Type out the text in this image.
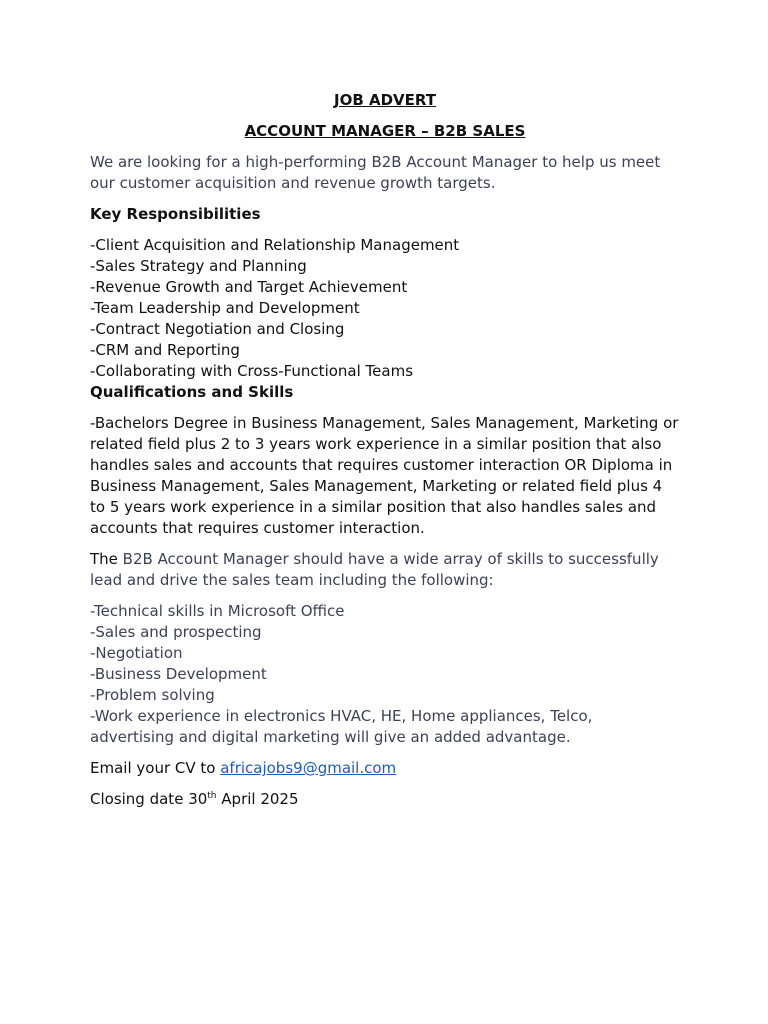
JOB ADVERT
ACCOUNT MANAGER – B2B SALES

We are looking for a high-performing B2B Account Manager to help us meet our customer acquisition and revenue growth targets.

Key Responsibilities
-Client Acquisition and Relationship Management
-Sales Strategy and Planning
-Revenue Growth and Target Achievement
-Team Leadership and Development
-Contract Negotiation and Closing
-CRM and Reporting
-Collaborating with Cross-Functional Teams
Qualifications and Skills

-Bachelors Degree in Business Management, Sales Management, Marketing or related field plus 2 to 3 years work experience in a similar position that also handles sales and accounts that requires customer interaction OR Diploma in Business Management, Sales Management, Marketing or related field plus 4 to 5 years work experience in a similar position that also handles sales and accounts that requires customer interaction.

The B2B Account Manager should have a wide array of skills to successfully lead and drive the sales team including the following:

-Technical skills in Microsoft Office
-Sales and prospecting
-Negotiation
-Business Development
-Problem solving
-Work experience in electronics HVAC, HE, Home appliances, Telco, advertising and digital marketing will give an added advantage.

Email your CV to africajobs9@gmail.com

Closing date 30th April 2025
